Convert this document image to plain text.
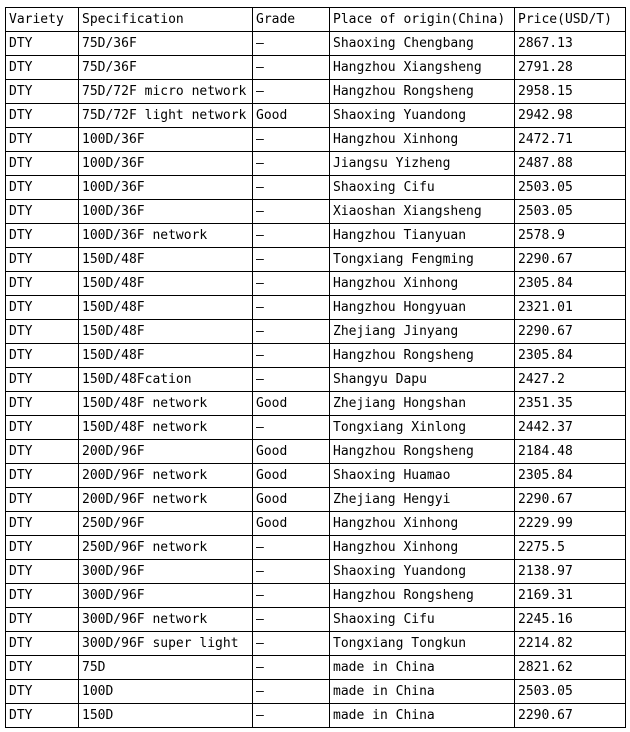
Variety	Specification	Grade	Place of origin(China)	Price(USD/T)
DTY	75D/36F	—	Shaoxing Chengbang	2867.13
DTY	75D/36F	—	Hangzhou Xiangsheng	2791.28
DTY	75D/72F micro network	—	Hangzhou Rongsheng	2958.15
DTY	75D/72F light network	Good	Shaoxing Yuandong	2942.98
DTY	100D/36F	—	Hangzhou Xinhong	2472.71
DTY	100D/36F	—	Jiangsu Yizheng	2487.88
DTY	100D/36F	—	Shaoxing Cifu	2503.05
DTY	100D/36F	—	Xiaoshan Xiangsheng	2503.05
DTY	100D/36F network	—	Hangzhou Tianyuan	2578.9
DTY	150D/48F	—	Tongxiang Fengming	2290.67
DTY	150D/48F	—	Hangzhou Xinhong	2305.84
DTY	150D/48F	—	Hangzhou Hongyuan	2321.01
DTY	150D/48F	—	Zhejiang Jinyang	2290.67
DTY	150D/48F	—	Hangzhou Rongsheng	2305.84
DTY	150D/48Fcation	—	Shangyu Dapu	2427.2
DTY	150D/48F network	Good	Zhejiang Hongshan	2351.35
DTY	150D/48F network	—	Tongxiang Xinlong	2442.37
DTY	200D/96F	Good	Hangzhou Rongsheng	2184.48
DTY	200D/96F network	Good	Shaoxing Huamao	2305.84
DTY	200D/96F network	Good	Zhejiang Hengyi	2290.67
DTY	250D/96F	Good	Hangzhou Xinhong	2229.99
DTY	250D/96F network	—	Hangzhou Xinhong	2275.5
DTY	300D/96F	—	Shaoxing Yuandong	2138.97
DTY	300D/96F	—	Hangzhou Rongsheng	2169.31
DTY	300D/96F network	—	Shaoxing Cifu	2245.16
DTY	300D/96F super light	—	Tongxiang Tongkun	2214.82
DTY	75D	—	made in China	2821.62
DTY	100D	—	made in China	2503.05
DTY	150D	—	made in China	2290.67
